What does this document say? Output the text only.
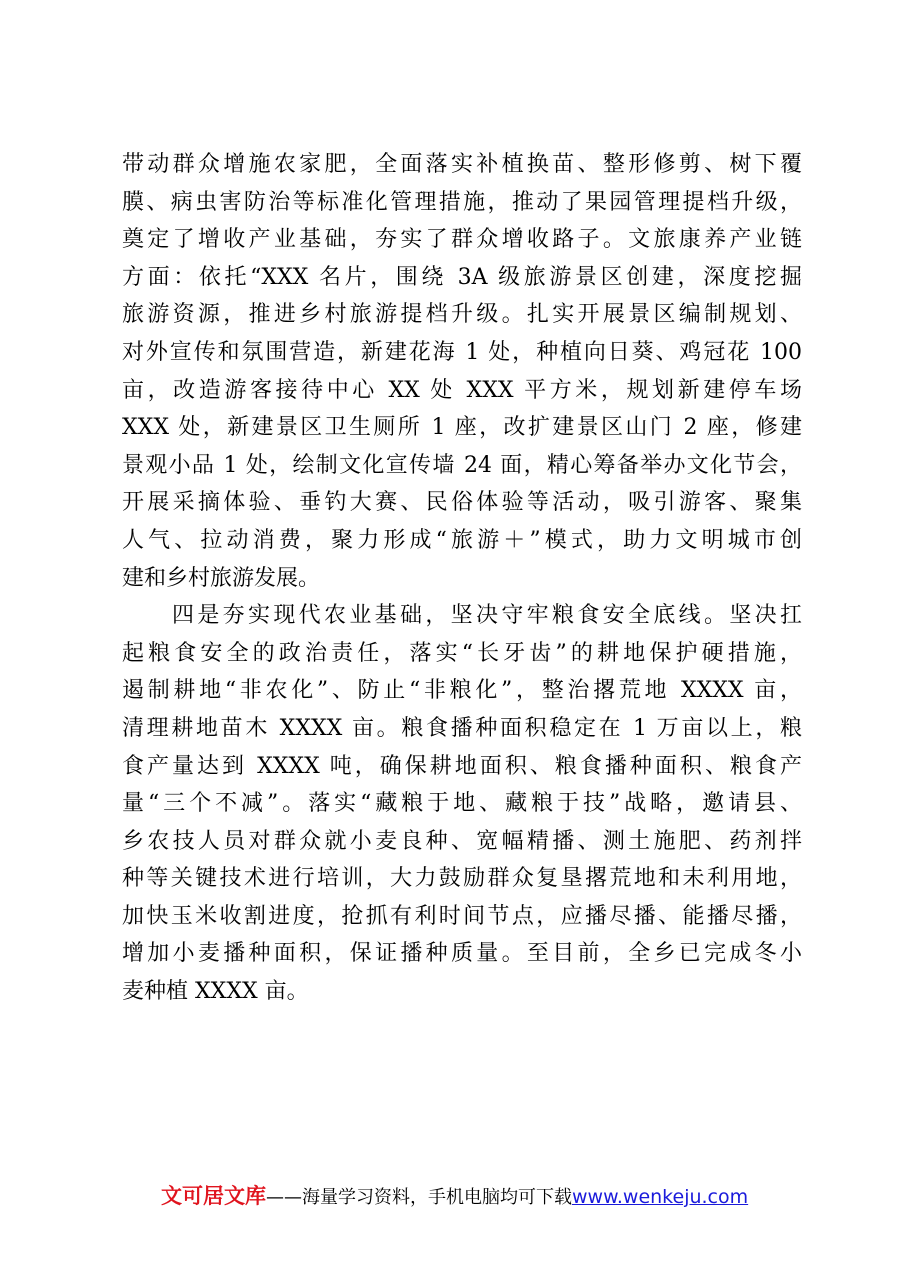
带动群众增施农家肥，全面落实补植换苗、整形修剪、树下覆
膜、病虫害防治等标准化管理措施，推动了果园管理提档升级，
奠定了增收产业基础，夯实了群众增收路子。文旅康养产业链
方面：依托“XXX 名片，围绕 3A 级旅游景区创建，深度挖掘
旅游资源，推进乡村旅游提档升级。扎实开展景区编制规划、
对外宣传和氛围营造，新建花海 1 处，种植向日葵、鸡冠花 100
亩，改造游客接待中心 XX 处 XXX 平方米，规划新建停车场
XXX 处，新建景区卫生厕所 1 座，改扩建景区山门 2 座，修建
景观小品 1 处，绘制文化宣传墙 24 面，精心筹备举办文化节会，
开展采摘体验、垂钓大赛、民俗体验等活动，吸引游客、聚集
人气、拉动消费，聚力形成“旅游＋”模式，助力文明城市创
建和乡村旅游发展。
四是夯实现代农业基础，坚决守牢粮食安全底线。坚决扛
起粮食安全的政治责任，落实“长牙齿”的耕地保护硬措施，
遏制耕地“非农化”、防止“非粮化”，整治撂荒地 XXXX 亩，
清理耕地苗木 XXXX 亩。粮食播种面积稳定在 1 万亩以上，粮
食产量达到 XXXX 吨，确保耕地面积、粮食播种面积、粮食产
量“三个不减”。落实“藏粮于地、藏粮于技”战略，邀请县、
乡农技人员对群众就小麦良种、宽幅精播、测土施肥、药剂拌
种等关键技术进行培训，大力鼓励群众复垦撂荒地和未利用地，
加快玉米收割进度，抢抓有利时间节点，应播尽播、能播尽播，
增加小麦播种面积，保证播种质量。至目前，全乡已完成冬小
麦种植 XXXX 亩。
文可居文库——海量学习资料，手机电脑均可下载www.wenkeju.com
